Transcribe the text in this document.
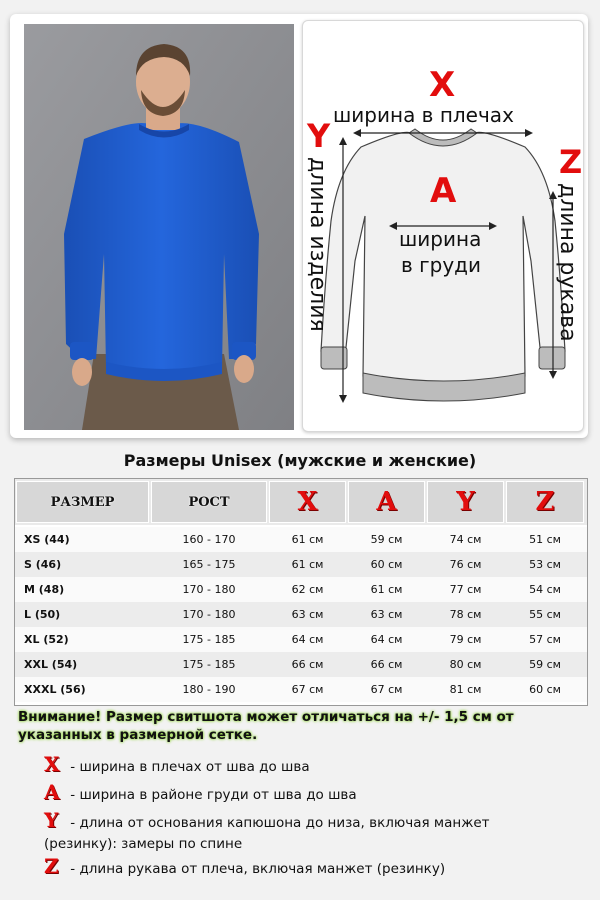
X
ширина в плечах
Y
длина изделия	A
ширина
в груди
Z
длина рукава
Размеры Unisex (мужские и женские)
РАЗМЕР	РОСТ	X	A	Y	Z
XS (44)	160 - 170	61 см	59 см	74 см	51 см
S (46)	165 - 175	61 см	60 см	76 см	53 см
M (48)	170 - 180	62 см	61 см	77 см	54 см
L (50)	170 - 180	63 см	63 см	78 см	55 см
XL (52)	175 - 185	64 см	64 см	79 см	57 см
XXL (54)	175 - 185	66 см	66 см	80 см	59 см
XXXL (56)	180 - 190	67 см	67 см	81 см	60 см
Внимание! Размер свитшота может отличаться на +/- 1,5 см от
указанных в размерной сетке.
X - ширина в плечах от шва до шва
A - ширина в районе груди от шва до шва
Y - длина от основания капюшона до низа, включая манжет
(резинку): замеры по спине
Z - длина рукава от плеча, включая манжет (резинку)
